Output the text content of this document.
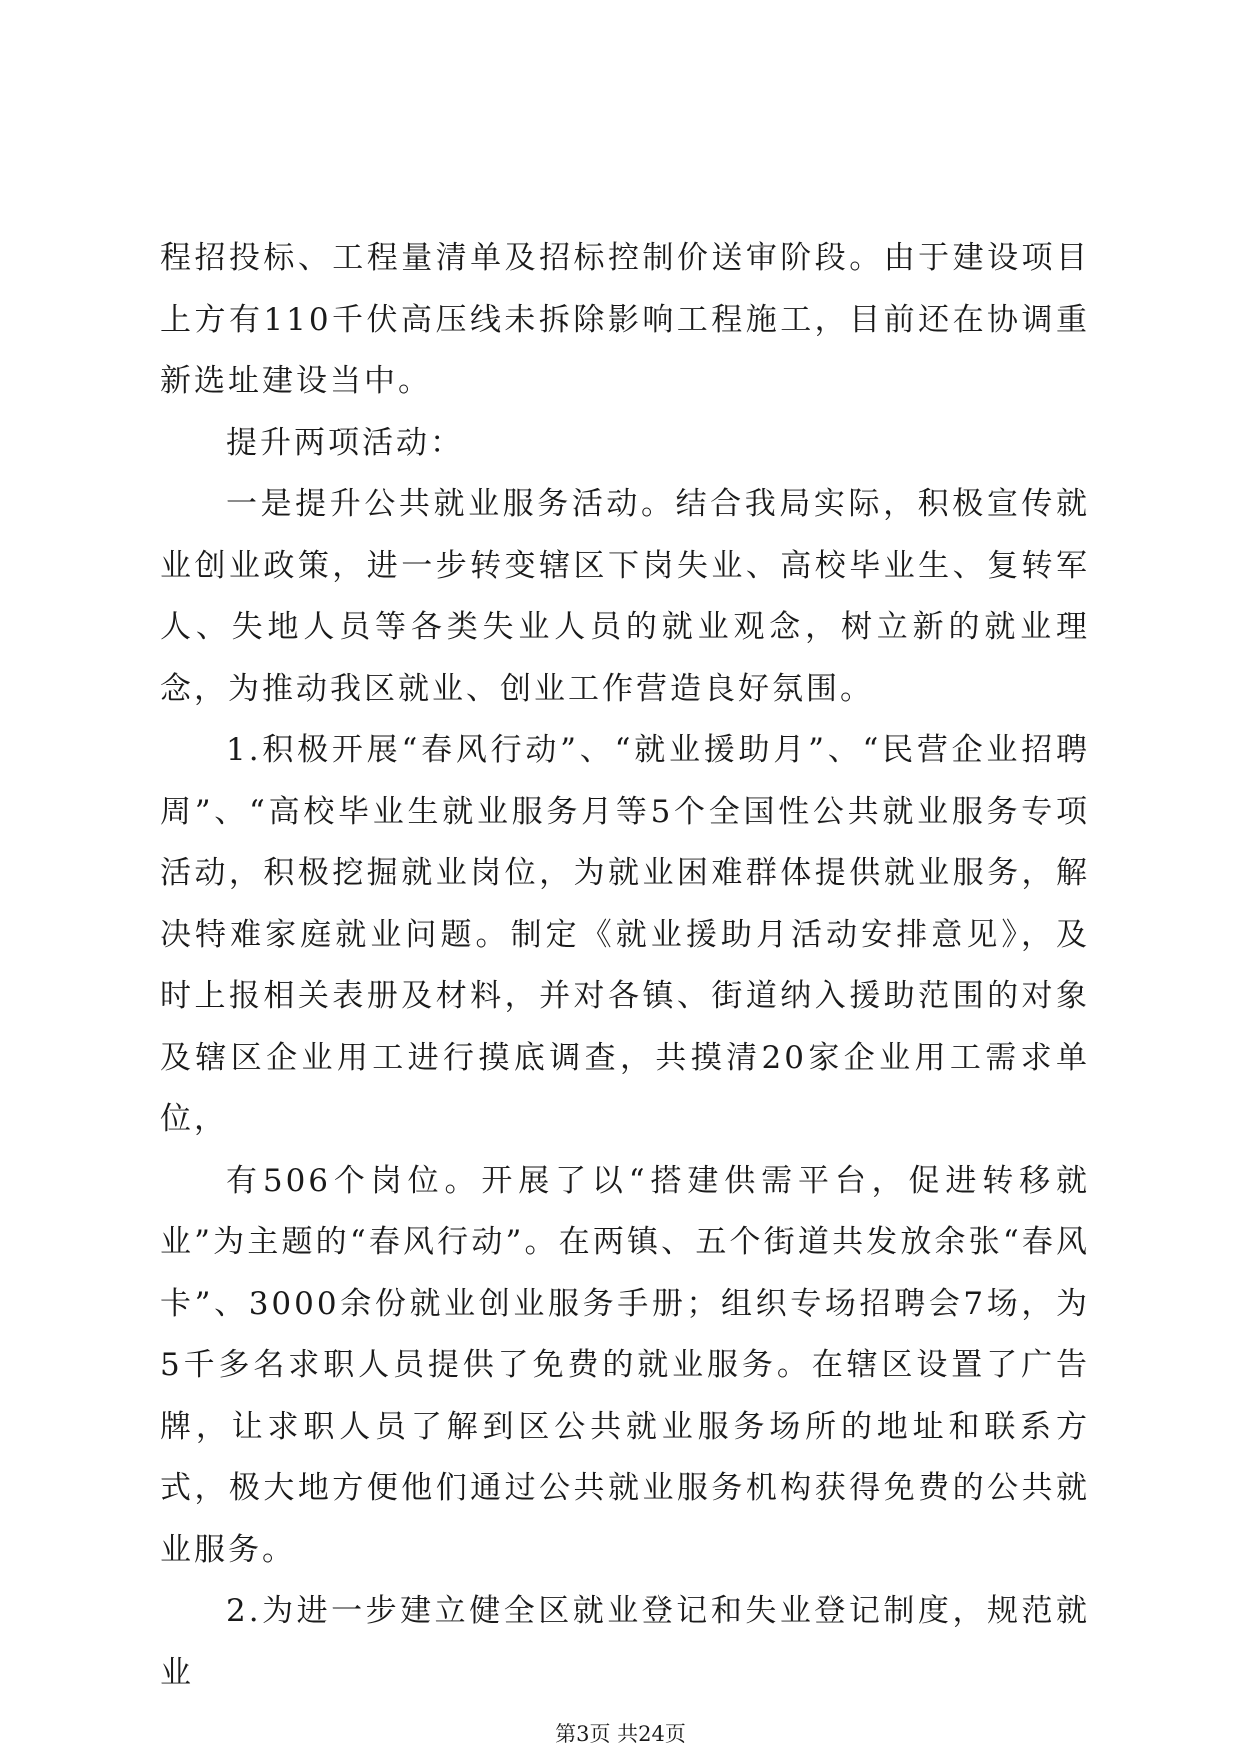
程招投标、工程量清单及招标控制价送审阶段。由于建设项目上方有110千伏高压线未拆除影响工程施工，目前还在协调重新选址建设当中。

提升两项活动：

一是提升公共就业服务活动。结合我局实际，积极宣传就业创业政策，进一步转变辖区下岗失业、高校毕业生、复转军人、失地人员等各类失业人员的就业观念，树立新的就业理念，为推动我区就业、创业工作营造良好氛围。

1.积极开展“春风行动”、“就业援助月”、“民营企业招聘周”、“高校毕业生就业服务月等5个全国性公共就业服务专项活动，积极挖掘就业岗位，为就业困难群体提供就业服务，解决特难家庭就业问题。制定《就业援助月活动安排意见》，及时上报相关表册及材料，并对各镇、街道纳入援助范围的对象及辖区企业用工进行摸底调查，共摸清20家企业用工需求单位，

有506个岗位。开展了以“搭建供需平台，促进转移就业”为主题的“春风行动”。在两镇、五个街道共发放余张“春风卡”、3000余份就业创业服务手册；组织专场招聘会7场，为5千多名求职人员提供了免费的就业服务。在辖区设置了广告牌，让求职人员了解到区公共就业服务场所的地址和联系方式，极大地方便他们通过公共就业服务机构获得免费的公共就业服务。

2.为进一步建立健全区就业登记和失业登记制度，规范就业

第3页 共24页
